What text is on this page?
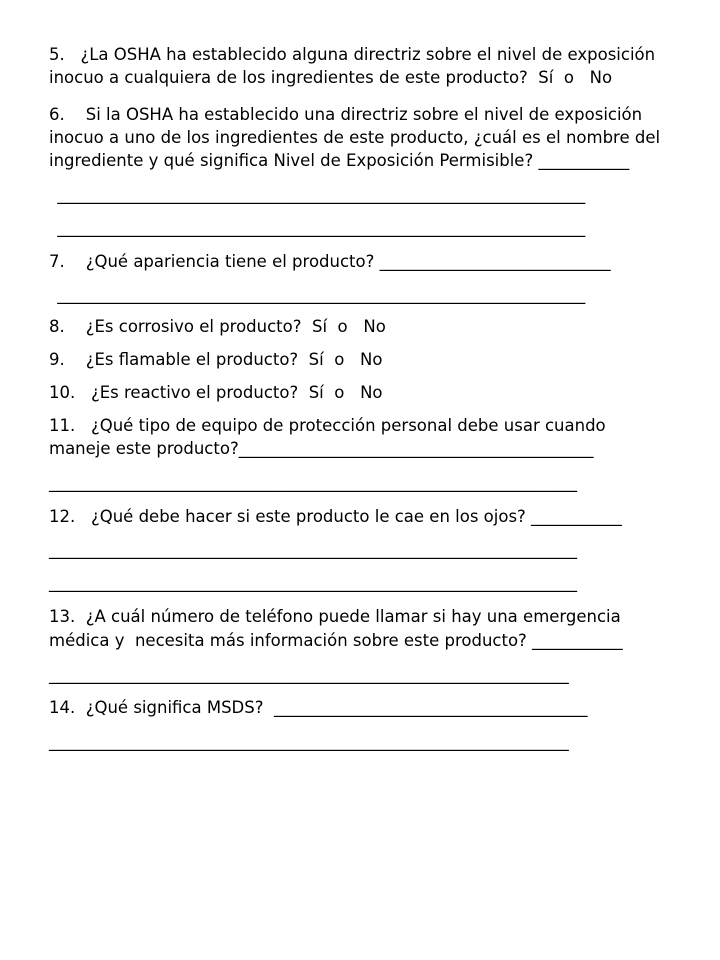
5.   ¿La OSHA ha establecido alguna directriz sobre el nivel de exposición
inocuo a cualquiera de los ingredientes de este producto?  Sí  o   No
6.    Si la OSHA ha establecido una directriz sobre el nivel de exposición
inocuo a uno de los ingredientes de este producto, ¿cuál es el nombre del
ingrediente y qué significa Nivel de Exposición Permisible? ___________
________________________________________________________________
________________________________________________________________
7.    ¿Qué apariencia tiene el producto? ____________________________
________________________________________________________________
8.    ¿Es corrosivo el producto?  Sí  o   No
9.    ¿Es flamable el producto?  Sí  o   No
10.   ¿Es reactivo el producto?  Sí  o   No
11.   ¿Qué tipo de equipo de protección personal debe usar cuando
maneje este producto?___________________________________________
________________________________________________________________
12.   ¿Qué debe hacer si este producto le cae en los ojos? ___________
________________________________________________________________
________________________________________________________________
13.  ¿A cuál número de teléfono puede llamar si hay una emergencia
médica y  necesita más información sobre este producto? ___________
_______________________________________________________________
14.  ¿Qué significa MSDS?  ______________________________________
_______________________________________________________________
